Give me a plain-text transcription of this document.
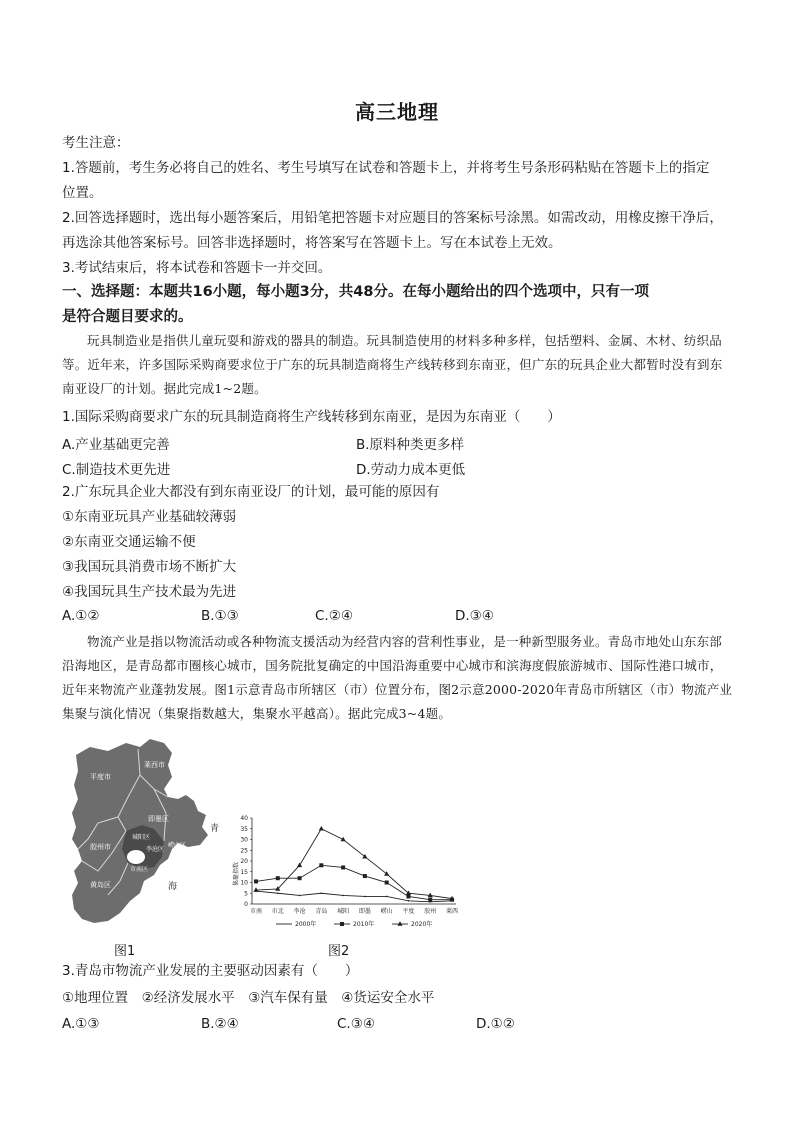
高三地理
考生注意：
1.答题前，考生务必将自己的姓名、考生号填写在试卷和答题卡上，并将考生号条形码粘贴在答题卡上的指定
位置。
2.回答选择题时，选出每小题答案后，用铅笔把答题卡对应题目的答案标号涂黑。如需改动，用橡皮擦干净后，
再选涂其他答案标号。回答非选择题时，将答案写在答题卡上。写在本试卷上无效。
3.考试结束后，将本试卷和答题卡一并交回。
一、选择题：本题共16小题，每小题3分，共48分。在每小题给出的四个选项中，只有一项
是符合题目要求的。
玩具制造业是指供儿童玩耍和游戏的器具的制造。玩具制造使用的材料多种多样，包括塑料、金属、木材、纺织品等。近年来，许多国际采购商要求位于广东的玩具制造商将生产线转移到东南亚，但广东的玩具企业大都暂时没有到东南亚设厂的计划。据此完成1~2题。
1.国际采购商要求广东的玩具制造商将生产线转移到东南亚，是因为东南亚（　　）
A.产业基础更完善	B.原料种类更多样
C.制造技术更先进	D.劳动力成本更低
2.广东玩具企业大都没有到东南亚设厂的计划，最可能的原因有
①东南亚玩具产业基础较薄弱
②东南亚交通运输不便
③我国玩具消费市场不断扩大
④我国玩具生产技术最为先进
A.①②	B.①③	C.②④	D.③④
物流产业是指以物流活动或各种物流支援活动为经营内容的营利性事业，是一种新型服务业。青岛市地处山东东部沿海地区，是青岛都市圈核心城市，国务院批复确定的中国沿海重要中心城市和滨海度假旅游城市、国际性港口城市，近年来物流产业蓬勃发展。图1示意青岛市所辖区（市）位置分布，图2示意2000-2020年青岛市所辖区（市）物流产业集聚与演化情况（集聚指数越大，集聚水平越高）。据此完成3~4题。
平度市
莱西市
即墨区
胶州市	崂山区
城阳区
李沧区
市北区
市南区
黄岛区
青
海
图1
集聚指数
0
5
10
15
20
25
30
35
40
市南 市北 李沧 青岛 城阳 即墨 崂山 平度 胶州 莱西
2000年	2010年	2020年
图2
3.青岛市物流产业发展的主要驱动因素有（　　）
①地理位置　②经济发展水平　③汽车保有量　④货运安全水平
A.①③	B.②④	C.③④	D.①②
